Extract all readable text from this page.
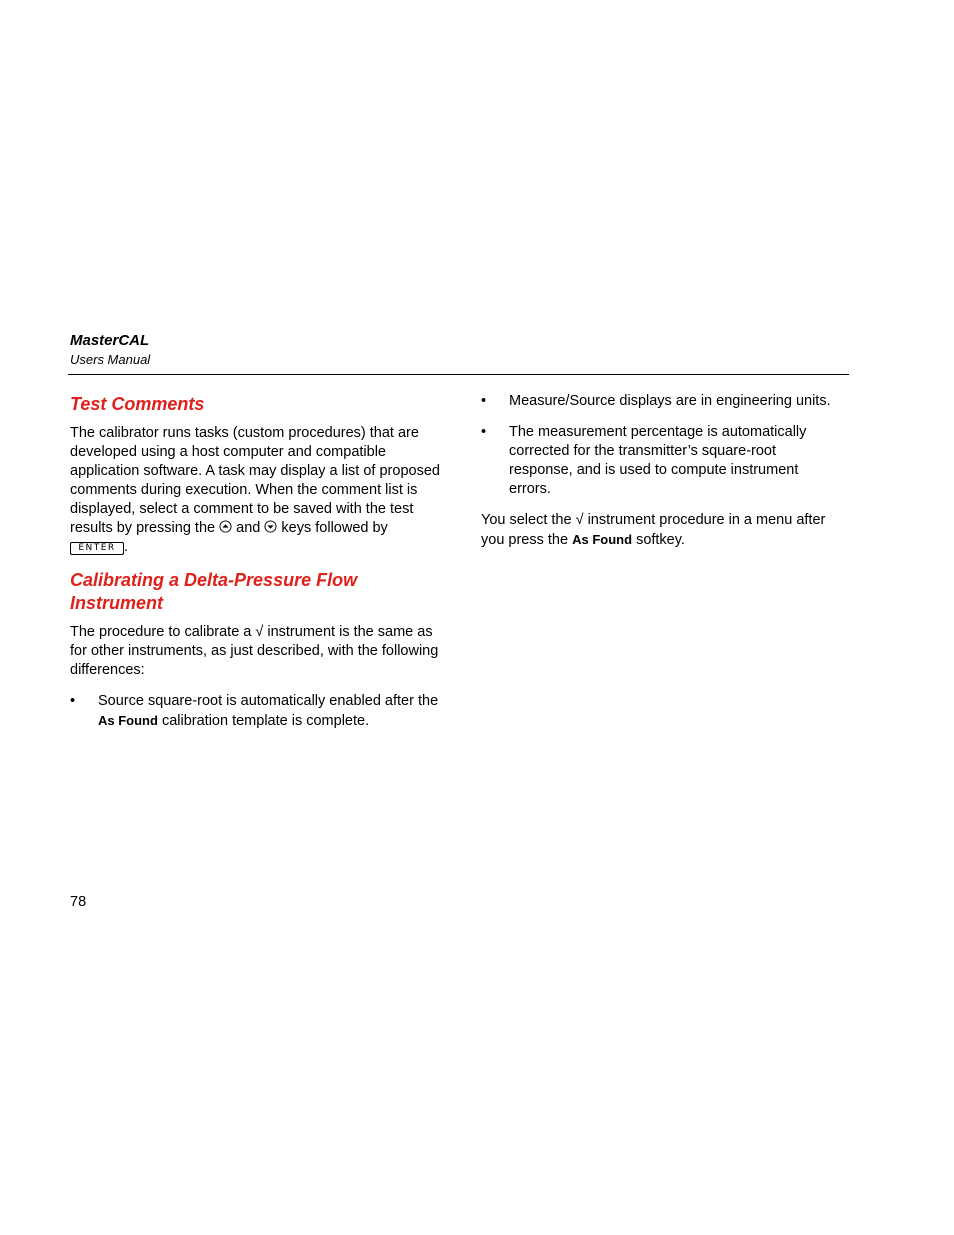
MasterCAL
Users Manual
Test Comments

The calibrator runs tasks (custom procedures) that are developed using a host computer and compatible application software. A task may display a list of proposed comments during execution. When the comment list is displayed, select a comment to be saved with the test results by pressing the and keys followed by ENTER .

Calibrating a Delta-Pressure Flow Instrument

The procedure to calibrate a √ instrument is the same as for other instruments, as just described, with the following differences:

• Source square-root is automatically enabled after the As Found calibration template is complete.
• Measure/Source displays are in engineering units.
• The measurement percentage is automatically corrected for the transmitter’s square-root response, and is used to compute instrument errors.

You select the √ instrument procedure in a menu after you press the As Found softkey.

78
